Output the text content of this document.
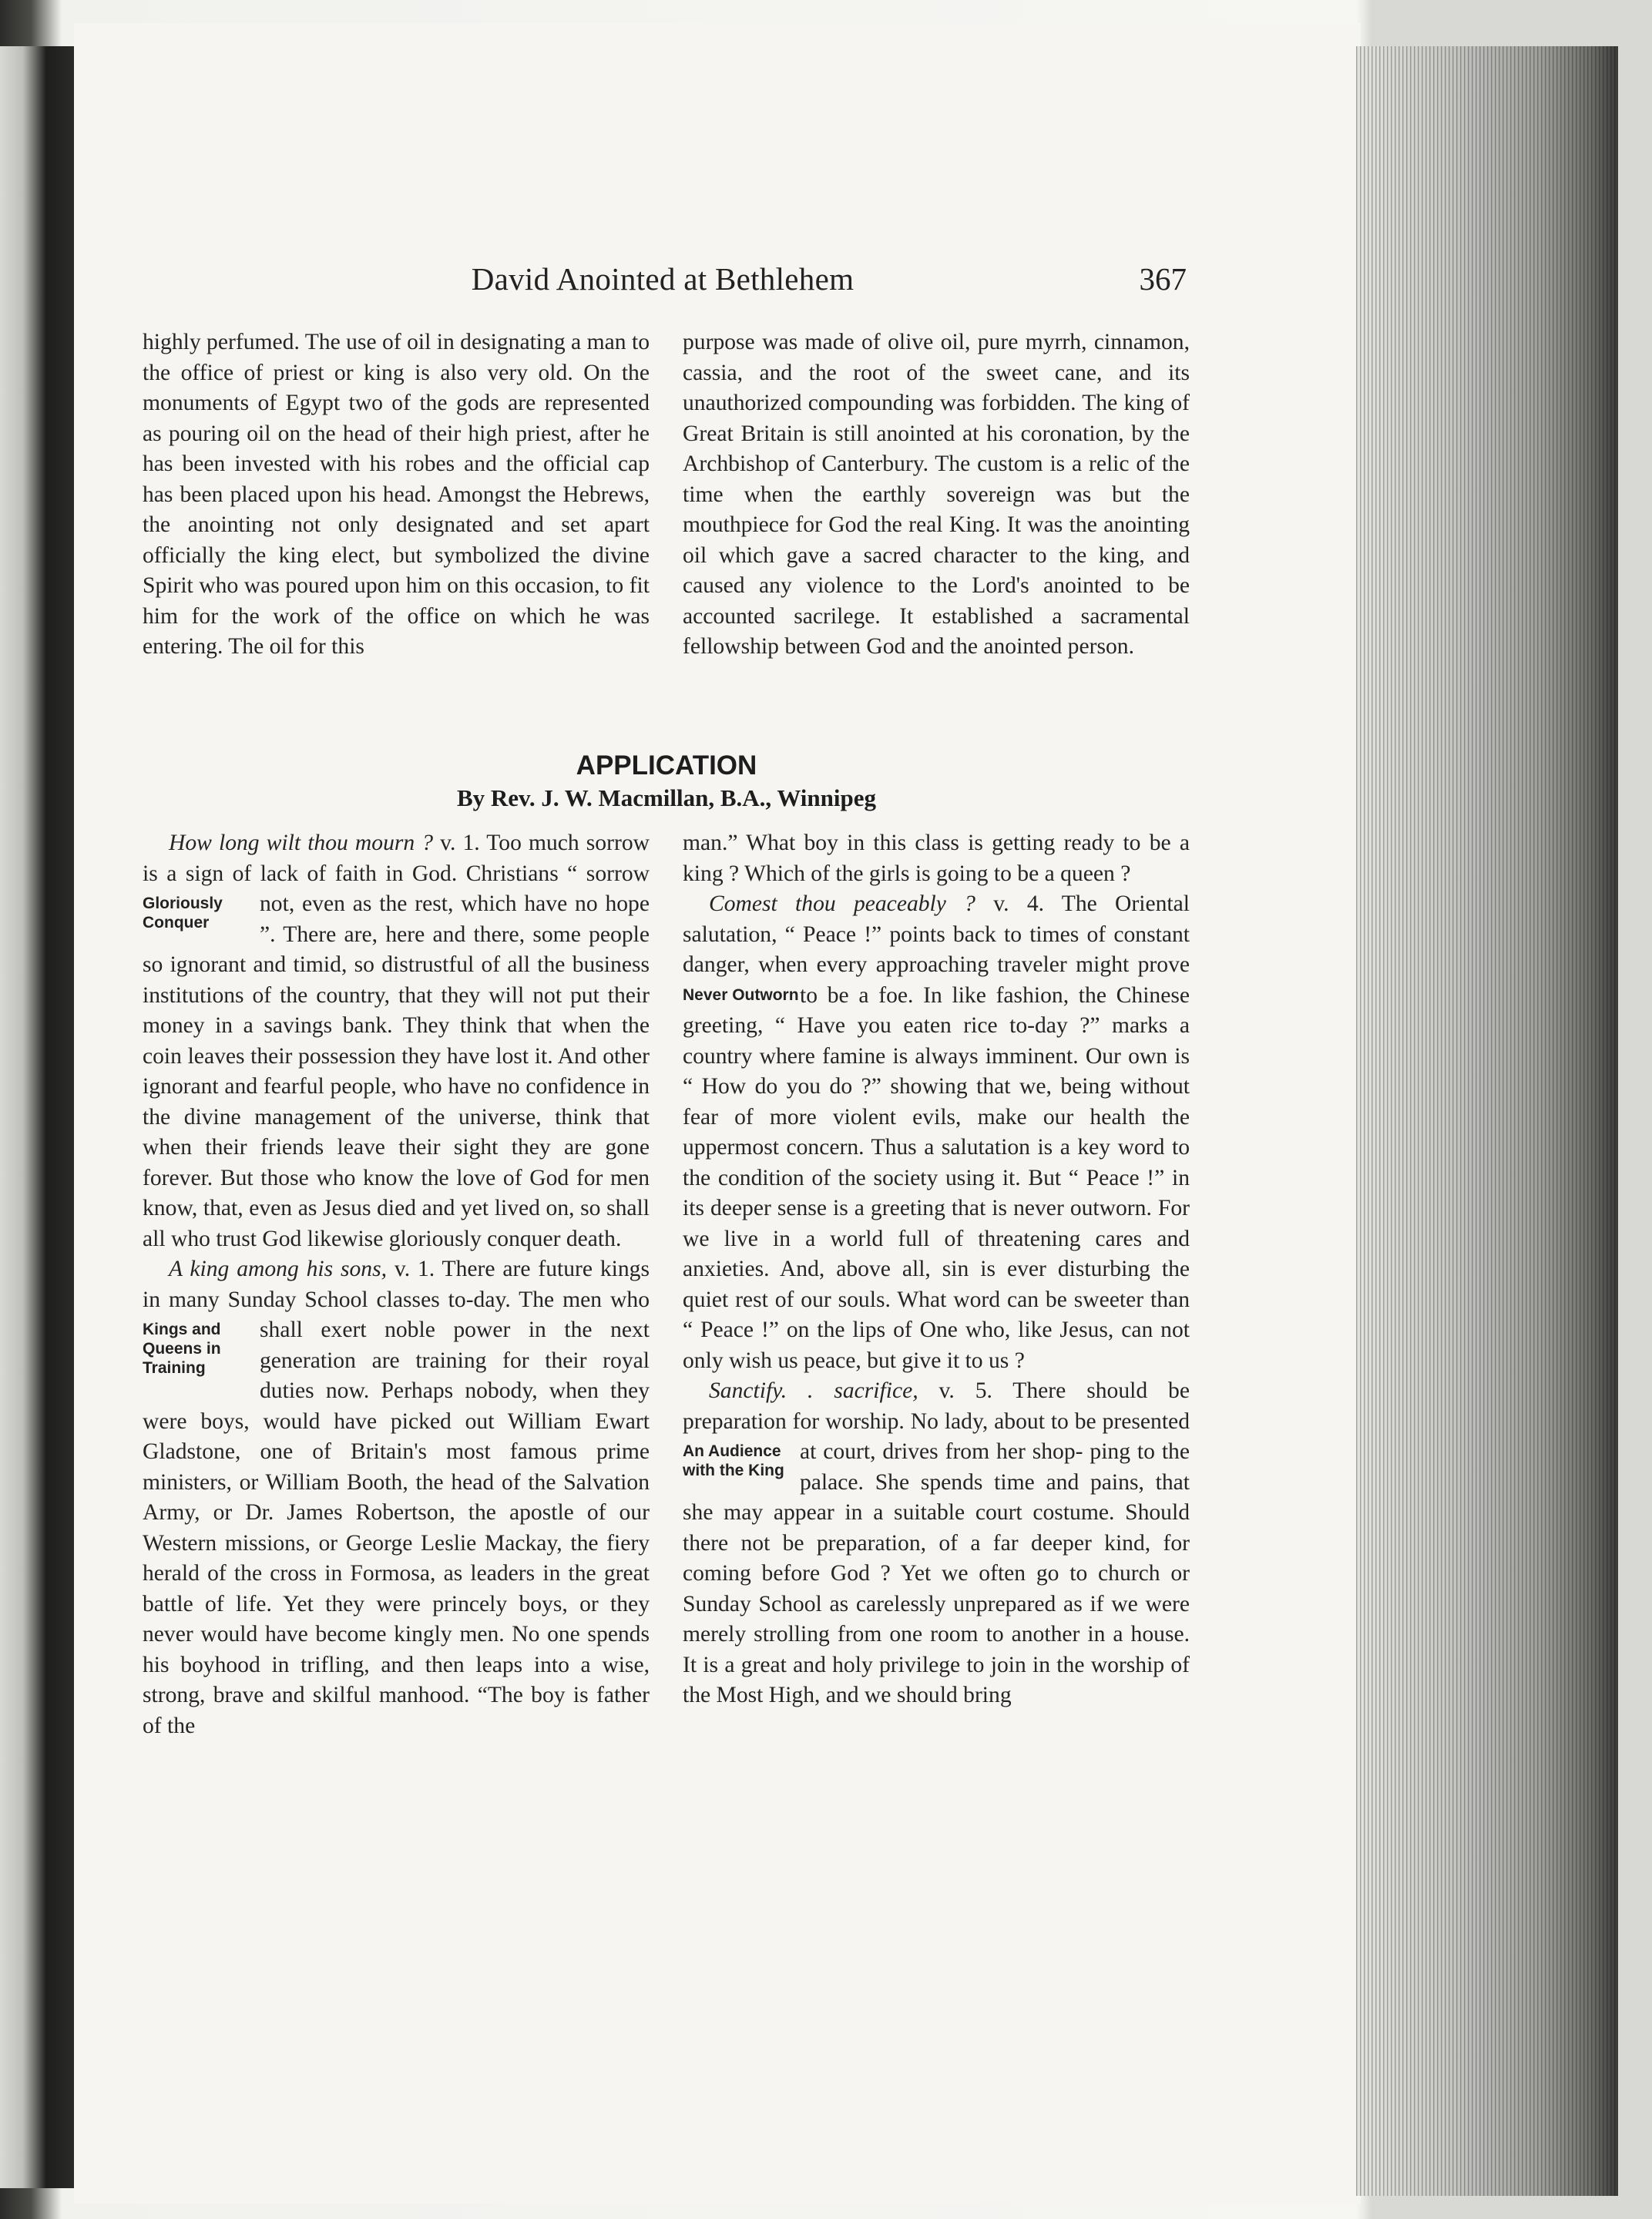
David Anointed at Bethlehem	367

highly perfumed. The use of oil in designating a man to the office of priest or king is also very old. On the monuments of Egypt two of the gods are represented as pouring oil on the head of their high priest, after he has been invested with his robes and the official cap has been placed upon his head. Amongst the Hebrews, the anointing not only designated and set apart officially the king elect, but symbolized the divine Spirit who was poured upon him on this occasion, to fit him for the work of the office on which he was entering. The oil for this

purpose was made of olive oil, pure myrrh, cinnamon, cassia, and the root of the sweet cane, and its unauthorized compounding was forbidden. The king of Great Britain is still anointed at his coronation, by the Archbishop of Canterbury. The custom is a relic of the time when the earthly sovereign was but the mouthpiece for God the real King. It was the anointing oil which gave a sacred character to the king, and caused any violence to the Lord's anointed to be accounted sacrilege. It established a sacramental fellowship between God and the anointed person.

APPLICATION
By Rev. J. W. Macmillan, B.A., Winnipeg

How long wilt thou mourn ? v. 1. Too much sorrow is a sign of lack of faith in God. Christians “ sorrow not, even as the rest,
Gloriously Conquer
which have no hope ”. There are, here and there, some people so ignorant and timid, so distrustful of all the business institutions of the country, that they will not put their money in a savings bank. They think that when the coin leaves their possession they have lost it. And other ignorant and fearful people, who have no confidence in the divine management of the universe, think that when their friends leave their sight they are gone forever. But those who know the love of God for men know, that, even as Jesus died and yet lived on, so shall all who trust God likewise gloriously conquer death.

A king among his sons, v. 1. There are future kings in many Sunday School classes to-day. The men who shall exert noble power in the
Kings and Queens in Training
next generation are training for their royal duties now. Perhaps nobody, when they were boys, would have picked out William Ewart Gladstone, one of Britain's most famous prime ministers, or William Booth, the head of the Salvation Army, or Dr. James Robertson, the apostle of our Western missions, or George Leslie Mackay, the fiery herald of the cross in Formosa, as leaders in the great battle of life. Yet they were princely boys, or they never would have become kingly men. No one spends his boyhood in trifling, and then leaps into a wise, strong, brave and skilful manhood. “The boy is father of the

man.” What boy in this class is getting ready to be a king ? Which of the girls is going to be a queen ?

Comest thou peaceably ? v. 4. The Oriental salutation, “ Peace !” points back to times of constant danger, when every approaching traveler might prove to be a foe.
Never Outworn	In like fashion, the Chinese greeting, “ Have you eaten rice to-day ?” marks a country where famine is always imminent. Our own is “ How do you do ?” showing that we, being without fear of more violent evils, make our health the uppermost concern. Thus a salutation is a key word to the condition of the society using it. But “ Peace !” in its deeper sense is a greeting that is never outworn. For we live in a world full of threatening cares and anxieties. And, above all, sin is ever disturbing the quiet rest of our souls. What word can be sweeter than “ Peace !” on the lips of One who, like Jesus, can not only wish us peace, but give it to us ?

Sanctify. . sacrifice, v. 5. There should be preparation for worship. No lady, about to be presented at court, drives from her shop-
An Audience with the King
ping to the palace. She spends time and pains, that she may appear in a suitable court costume. Should there not be preparation, of a far deeper kind, for coming before God ? Yet we often go to church or Sunday School as carelessly unprepared as if we were merely strolling from one room to another in a house. It is a great and holy privilege to join in the worship of the Most High, and we should bring
